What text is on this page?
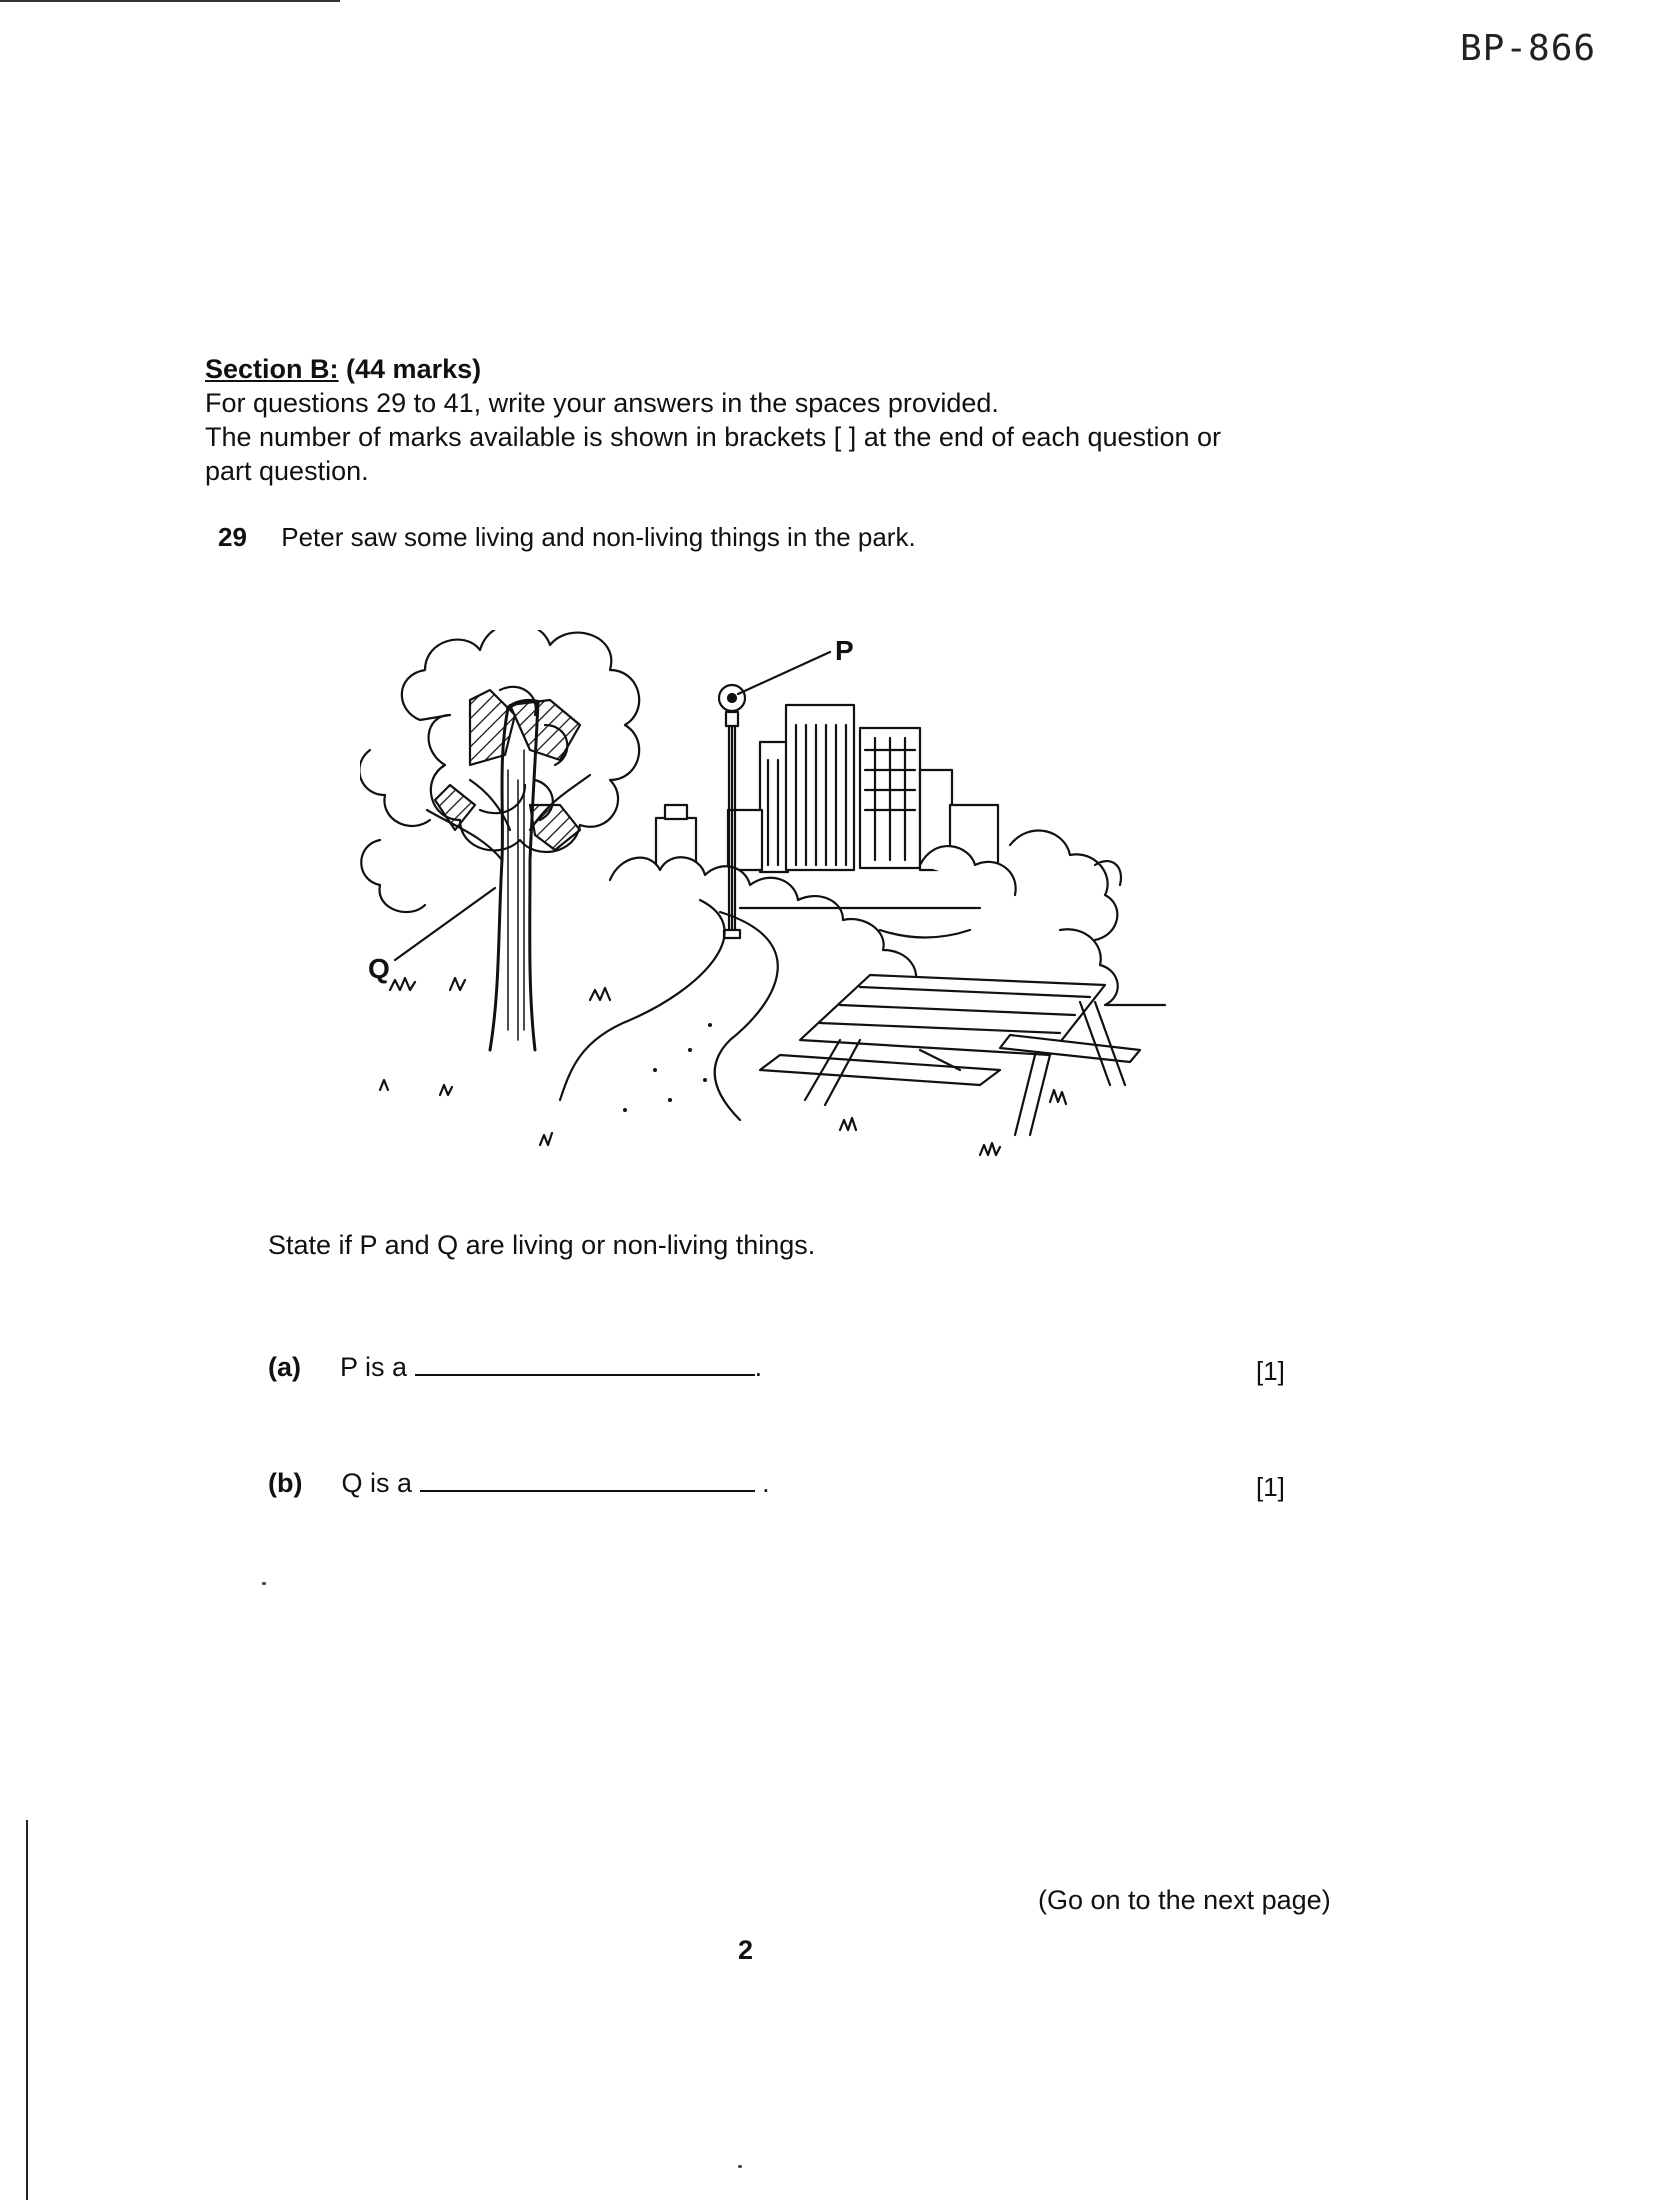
BP-866
Section B: (44 marks)
For questions 29 to 41, write your answers in the spaces provided.
The number of marks available is shown in brackets [ ] at the end of each question or
part question.
29 Peter saw some living and non-living things in the park.
P
Q
State if P and Q are living or non-living things.
(a) P is a	.	[1]
(b) Q is a	.	[1]
(Go on to the next page)
2
